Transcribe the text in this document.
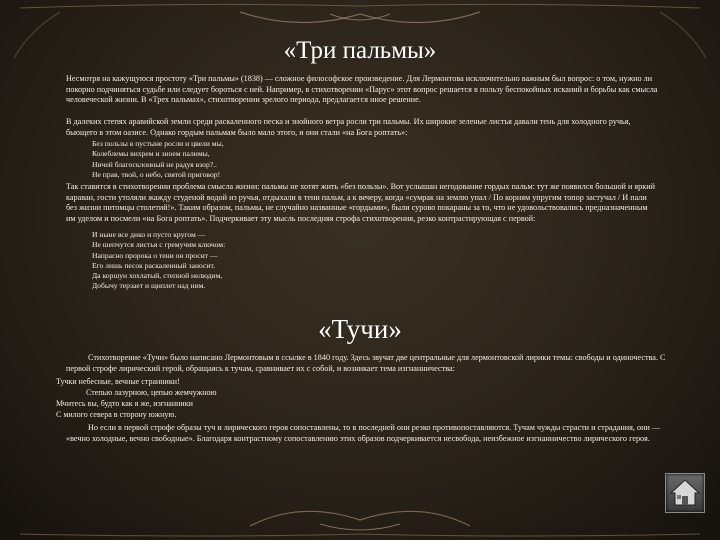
«Три пальмы»

Несмотря на кажущуюся простоту «Три пальмы» (1838) — сложное философское произведение. Для Лермонтова исключительно важным был вопрос: о том, нужно ли покорно подчиняться судьбе или следует бороться с ней. Например, в стихотворении «Парус» этот вопрос решается в пользу беспокойных исканий и борьбы как смысла человеческой жизни. В «Трех пальмах», стихотворении зрелого периода, предлагается иное решение.

В далеких степях аравийской земли среди раскаленного песка и знойного ветра росли три пальмы. Их широкие зеленые листья давали тень для холодного ручья, бьющего в этом оазисе. Однако гордым пальмам было мало этого, и они стали «на Бога роптать»:

Без пользы в пустыне росли и цвели мы,
Колеблемы вихрем и зноем палимы,
Ничей благосклонный не радуя взор?..
Не прав, твой, о небо, святой приговор!

Так ставится в стихотворении проблема смысла жизни: пальмы не хотят жить «без пользы». Вот услышан негодование гордых пальм: тут же появился большой и яркий караван, гости утоляли жажду студеной водой из ручья, отдыхали в тени пальм, а к вечеру, когда «сумрак на землю упал / По корням упругим топор застучал / И пали без жизни питомцы столетий!». Таким образом, пальмы, не случайно названные «гордыми», были сурово покараны за то, что не удовольствовались предназначенным им уделом и посмели «на Бога роптать». Подчеркивает эту мысль последняя строфа стихотворения, резко контрастирующая с первой:

И ныне все дико и пусто кругом —
Не шепчутся листья с гремучим ключом:
Напрасно пророка о тени он просит —
Его лишь песок раскаленный заносит.
Да коршун хохлатый, степной нелюдим,
Добычу терзает и щиплет над ним.
«Тучи»

Стихотворение «Тучи» было написано Лермонтовым в ссылке в 1840 году. Здесь звучат две центральные для лермонтовской лирики темы: свободы и одиночества. С первой строфе лирический герой, обращаясь к тучам, сравнивает их с собой, и возникает тема изгнанничества:

Тучки небесные, вечные странники!
Степью лазурною, цепью жемчужною
Мчитесь вы, будто как я же, изгнанники
С милого севера в сторону южную.

Но если в первой строфе образы туч и лирического героя сопоставлены, то в последней они резко противопоставляются. Тучам чужды страсти и страдания, они — «вечно холодные, вечно свободные». Благодаря контрастному сопоставлению этих образов подчеркивается несвобода, неизбежное изгнанничество лирического героя.
